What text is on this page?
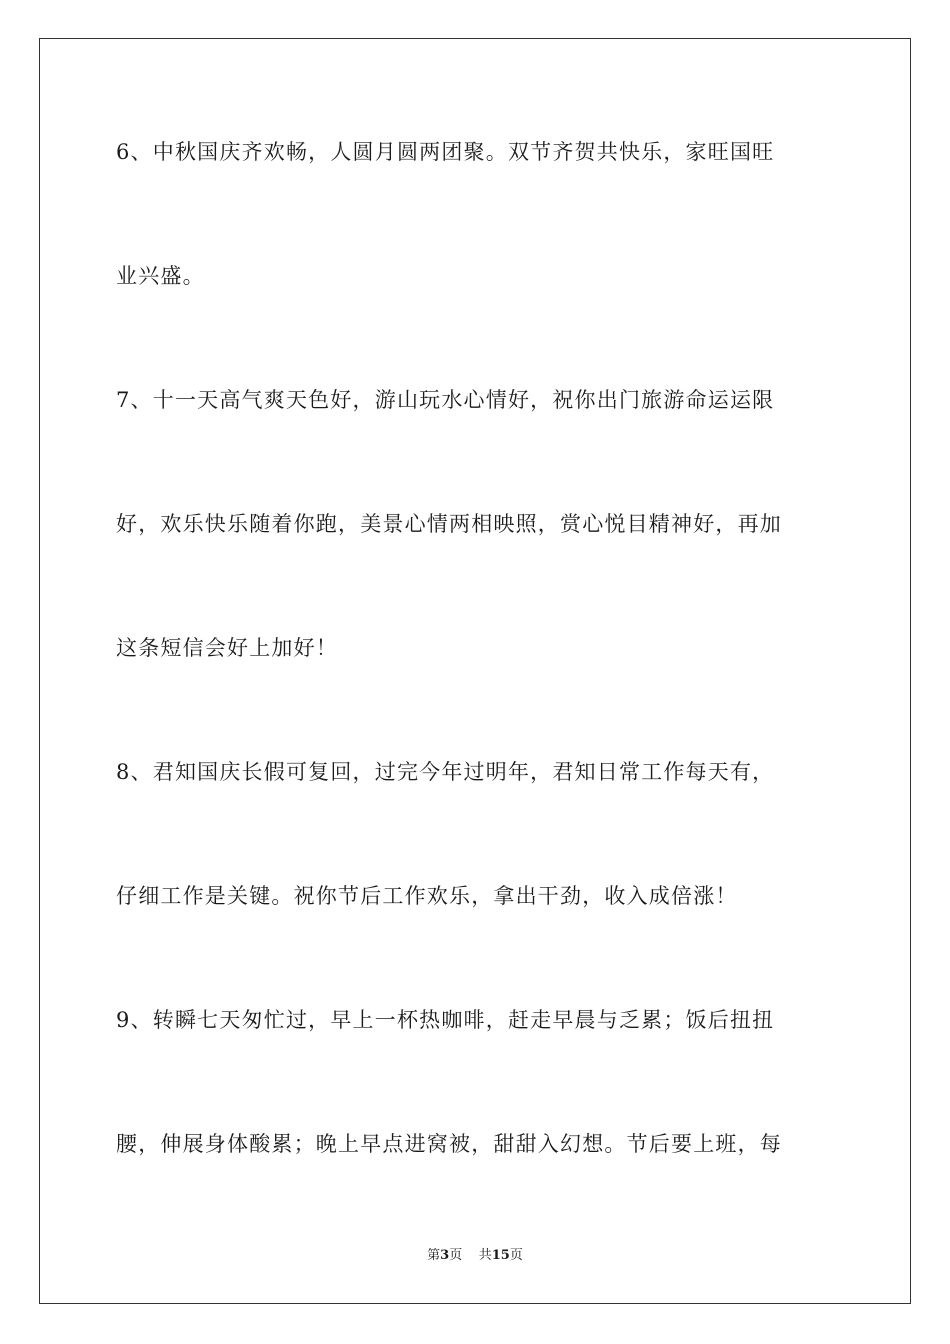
6、中秋国庆齐欢畅，人圆月圆两团聚。双节齐贺共快乐，家旺国旺
业兴盛。
7、十一天高气爽天色好，游山玩水心情好，祝你出门旅游命运运限
好，欢乐快乐随着你跑，美景心情两相映照，赏心悦目精神好，再加
这条短信会好上加好！
8、君知国庆长假可复回，过完今年过明年，君知日常工作每天有，
仔细工作是关键。祝你节后工作欢乐，拿出干劲，收入成倍涨！
9、转瞬七天匆忙过，早上一杯热咖啡，赶走早晨与乏累；饭后扭扭
腰，伸展身体酸累；晚上早点进窝被，甜甜入幻想。节后要上班，每
第3页 共15页
